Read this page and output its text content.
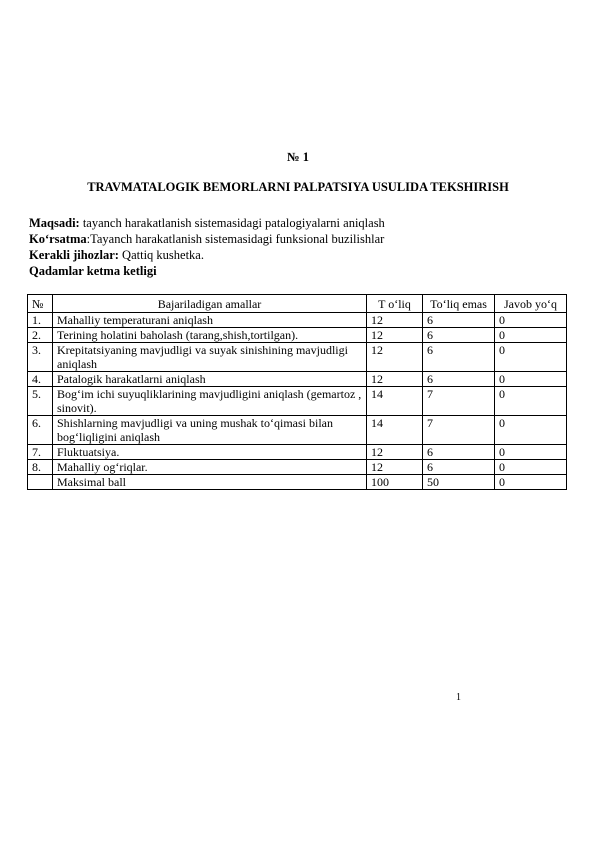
№ 1
TRAVMATALOGIK BEMORLARNI PALPATSIYA USULIDA TEKSHIRISH
Maqsadi: tayanch harakatlanish sistemasidagi patalogiyalarni aniqlash
Ko‘rsatma:Tayanch harakatlanish sistemasidagi funksional buzilishlar
Kerakli jihozlar: Qattiq kushetka.
Qadamlar ketma ketligi
№	Bajariladigan amallar	T o‘liq	To‘liq emas	Javob yo‘q
1.	Mahalliy temperaturani aniqlash	12	6	0
2.	Terining holatini baholash (tarang,shish,tortilgan).	12	6	0
3.	Krepitatsiyaning mavjudligi va suyak sinishining mavjudligi aniqlash	12	6	0
4.	Patalogik harakatlarni aniqlash	12	6	0
5.	Bog‘im ichi suyuqliklarining mavjudligini aniqlash (gemartoz , sinovit).	14	7	0
6.	Shishlarning mavjudligi va uning mushak to‘qimasi bilan bog‘liqligini aniqlash	14	7	0
7.	Fluktuatsiya.	12	6	0
8.	Mahalliy og‘riqlar.	12	6	0
	Maksimal ball	100	50	0
1
